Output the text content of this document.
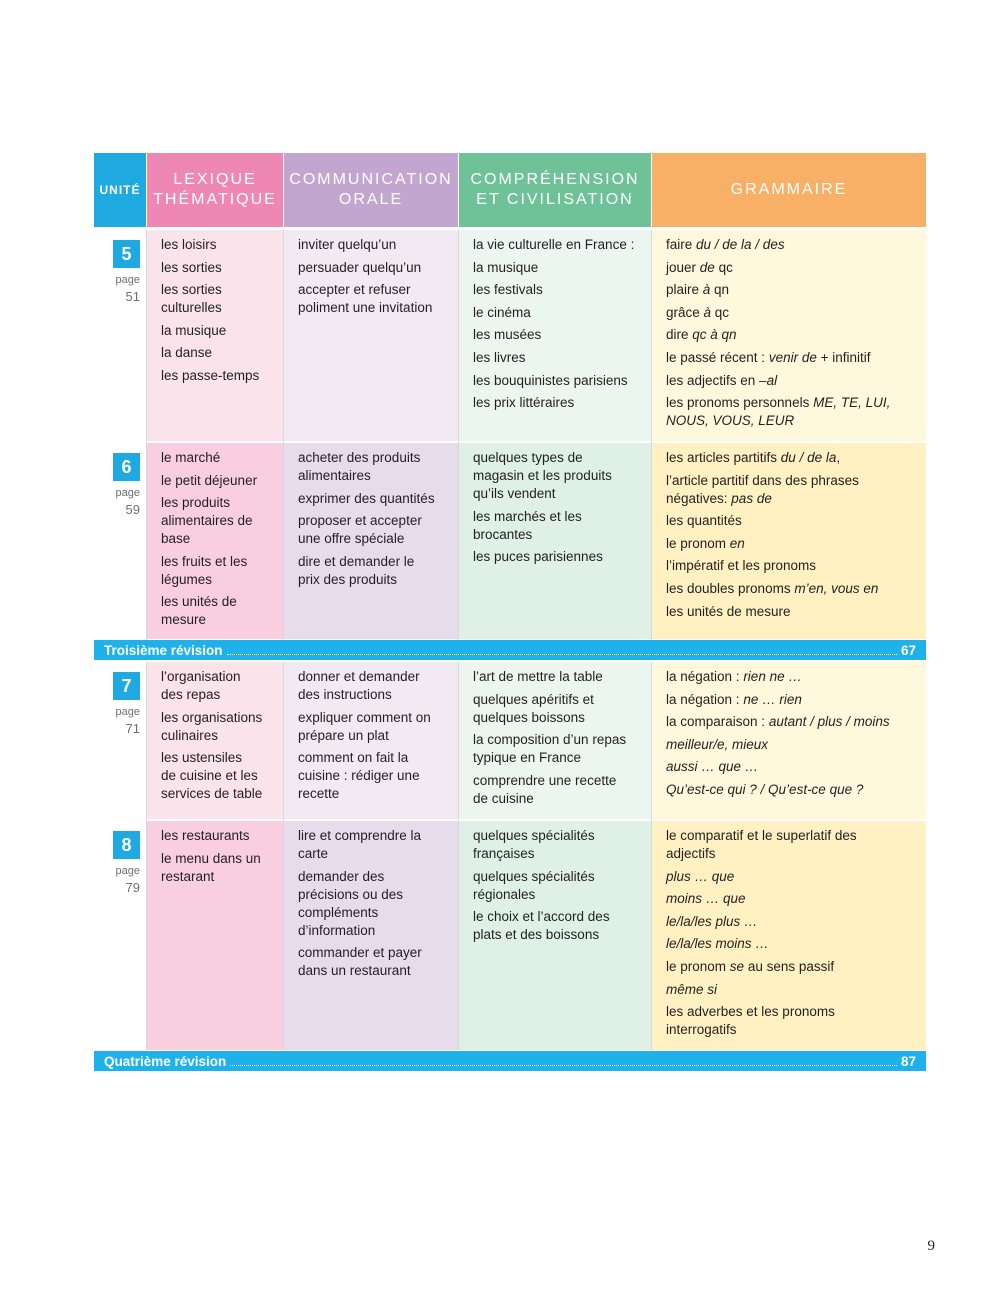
UNITÉ
LEXIQUE
THÉMATIQUE
COMMUNICATION
ORALE
COMPRÉHENSION
ET CIVILISATION
GRAMMAIRE
5
page
51
les loisirs
les sorties
les sorties
culturelles
la musique
la danse
les passe-temps
inviter quelqu’un
persuader quelqu’un
accepter et refuser
poliment une invitation
la vie culturelle en France :
la musique
les festivals
le cinéma
les musées
les livres
les bouquinistes parisiens
les prix littéraires
faire du / de la / des
jouer de qc
plaire à qn
grâce à qc
dire qc à qn
le passé récent : venir de + infinitif
les adjectifs en –al
les pronoms personnels ME, TE, LUI,
NOUS, VOUS, LEUR
6
page
59
le marché
le petit déjeuner
les produits
alimentaires de
base
les fruits et les
légumes
les unités de
mesure
acheter des produits
alimentaires
exprimer des quantités
proposer et accepter
une offre spéciale
dire et demander le
prix des produits
quelques types de
magasin et les produits
qu’ils vendent
les marchés et les
brocantes
les puces parisiennes
les articles partitifs du / de la,
l’article partitif dans des phrases
négatives: pas de
les quantités
le pronom en
l’impératif et les pronoms
les doubles pronoms m’en, vous en
les unités de mesure
7
page
71
l’organisation
des repas
les organisations
culinaires
les ustensiles
de cuisine et les
services de table
donner et demander
des instructions
expliquer comment on
prépare un plat
comment on fait la
cuisine : rédiger une
recette
l’art de mettre la table
quelques apéritifs et
quelques boissons
la composition d’un repas
typique en France
comprendre une recette
de cuisine
la négation : rien ne …
la négation : ne … rien
la comparaison : autant / plus / moins
meilleur/e, mieux
aussi … que …
Qu’est-ce qui ? / Qu’est-ce que ?
8
page
79
les restaurants
le menu dans un
restarant
lire et comprendre la
carte
demander des
précisions ou des
compléments
d’information
commander et payer
dans un restaurant
quelques spécialités
françaises
quelques spécialités
régionales
le choix et l’accord des
plats et des boissons
le comparatif et le superlatif des
adjectifs
plus … que
moins … que
le/la/les plus …
le/la/les moins …
le pronom se au sens passif
même si
les adverbes et les pronoms
interrogatifs
Troisième révision	67
Quatrième révision	87
9
